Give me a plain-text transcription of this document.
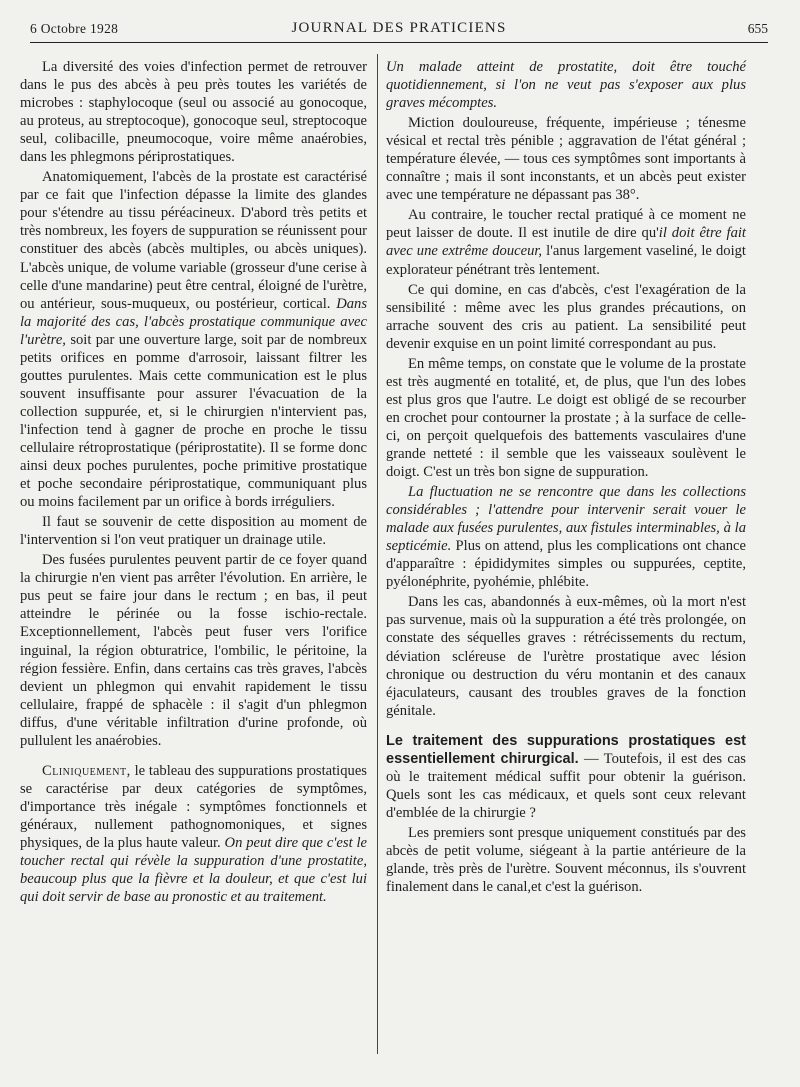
6 Octobre 1928	JOURNAL DES PRATICIENS	655

La diversité des voies d'infection permet de retrouver dans le pus des abcès à peu près toutes les variétés de microbes : staphylocoque (seul ou associé au gonocoque, au proteus, au streptocoque), gonocoque seul, streptocoque seul, colibacille, pneumocoque, voire même anaérobies, dans les phlegmons périprostatiques.

Anatomiquement, l'abcès de la prostate est caractérisé par ce fait que l'infection dépasse la limite des glandes pour s'étendre au tissu péréacineux. D'abord très petits et très nombreux, les foyers de suppuration se réunissent pour constituer des abcès (abcès multiples, ou abcès uniques). L'abcès unique, de volume variable (grosseur d'une cerise à celle d'une mandarine) peut être central, éloigné de l'urètre, ou antérieur, sous-muqueux, ou postérieur, cortical. Dans la majorité des cas, l'abcès prostatique communique avec l'urètre, soit par une ouverture large, soit par de nombreux petits orifices en pomme d'arrosoir, laissant filtrer les gouttes purulentes. Mais cette communication est le plus souvent insuffisante pour assurer l'évacuation de la collection suppurée, et, si le chirurgien n'intervient pas, l'infection tend à gagner de proche en proche le tissu cellulaire rétroprostatique (périprostatite). Il se forme donc ainsi deux poches purulentes, poche primitive prostatique et poche secondaire périprostatique, communiquant plus ou moins facilement par un orifice à bords irréguliers.

Il faut se souvenir de cette disposition au moment de l'intervention si l'on veut pratiquer un drainage utile.

Des fusées purulentes peuvent partir de ce foyer quand la chirurgie n'en vient pas arrêter l'évolution. En arrière, le pus peut se faire jour dans le rectum ; en bas, il peut atteindre le périnée ou la fosse ischio-rectale. Exceptionnellement, l'abcès peut fuser vers l'orifice inguinal, la région obturatrice, l'ombilic, le péritoine, la région fessière. Enfin, dans certains cas très graves, l'abcès devient un phlegmon qui envahit rapidement le tissu cellulaire, frappé de sphacèle : il s'agit d'un phlegmon diffus, d'une véritable infiltration d'urine profonde, où pullulent les anaérobies.

Cliniquement, le tableau des suppurations prostatiques se caractérise par deux catégories de symptômes, d'importance très inégale : symptômes fonctionnels et généraux, nullement pathognomoniques, et signes physiques, de la plus haute valeur. On peut dire que c'est le toucher rectal qui révèle la suppuration d'une prostatite, beaucoup plus que la fièvre et la douleur, et que c'est lui qui doit servir de base au pronostic et au traitement.

Un malade atteint de prostatite, doit être touché quotidiennement, si l'on ne veut pas s'exposer aux plus graves mécomptes.

Miction douloureuse, fréquente, impérieuse ; ténesme vésical et rectal très pénible ; aggravation de l'état général ; température élevée, — tous ces symptômes sont importants à connaître ; mais il sont inconstants, et un abcès peut exister avec une température ne dépassant pas 38°.

Au contraire, le toucher rectal pratiqué à ce moment ne peut laisser de doute. Il est inutile de dire qu'il doit être fait avec une extrême douceur, l'anus largement vaseliné, le doigt explorateur pénétrant très lentement.

Ce qui domine, en cas d'abcès, c'est l'exagération de la sensibilité : même avec les plus grandes précautions, on arrache souvent des cris au patient. La sensibilité peut devenir exquise en un point limité correspondant au pus.

En même temps, on constate que le volume de la prostate est très augmenté en totalité, et, de plus, que l'un des lobes est plus gros que l'autre. Le doigt est obligé de se recourber en crochet pour contourner la prostate ; à la surface de celle-ci, on perçoit quelquefois des battements vasculaires d'une grande netteté : il semble que les vaisseaux soulèvent le doigt. C'est un très bon signe de suppuration.

La fluctuation ne se rencontre que dans les collections considérables ; l'attendre pour intervenir serait vouer le malade aux fusées purulentes, aux fistules interminables, à la septicémie. Plus on attend, plus les complications ont chance d'apparaître : épididymites simples ou suppurées, ceptite, pyélonéphrite, pyohémie, phlébite.

Dans les cas, abandonnés à eux-mêmes, où la mort n'est pas survenue, mais où la suppuration a été très prolongée, on constate des séquelles graves : rétrécissements du rectum, déviation scléreuse de l'urètre prostatique avec lésion chronique ou destruction du véru montanin et des canaux éjaculateurs, causant des troubles graves de la fonction génitale.

Le traitement des suppurations prostatiques est essentiellement chirurgical. — Toutefois, il est des cas où le traitement médical suffit pour obtenir la guérison. Quels sont les cas médicaux, et quels sont ceux relevant d'emblée de la chirurgie ?

Les premiers sont presque uniquement constitués par des abcès de petit volume, siégeant à la partie antérieure de la glande, très près de l'urètre. Souvent méconnus, ils s'ouvrent finalement dans le canal,et c'est la guérison.
